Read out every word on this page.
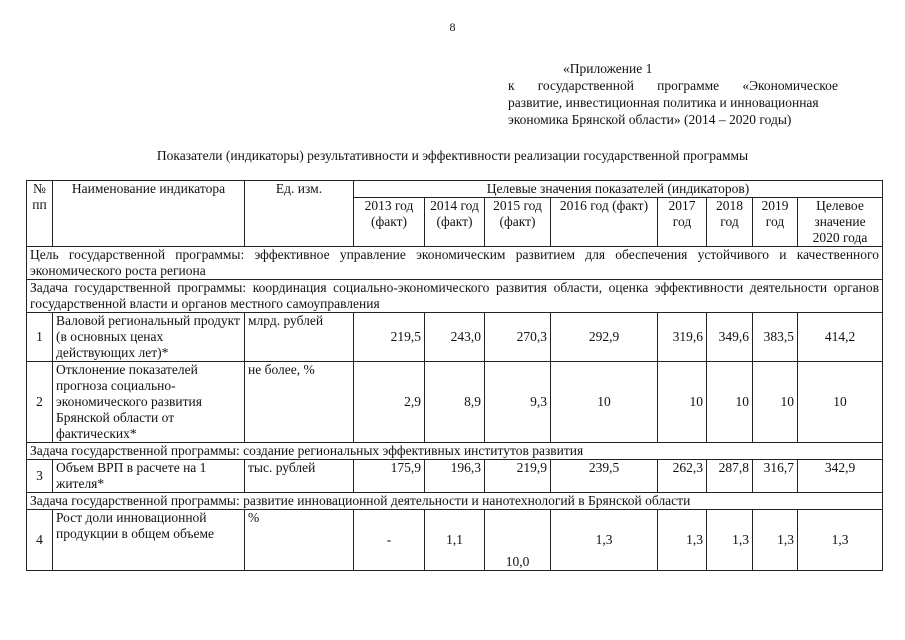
8
«Приложение 1
к государственной программе «Экономическое
развитие, инвестиционная политика и инновационная
экономика Брянской области» (2014 – 2020 годы)
Показатели (индикаторы) результативности и эффективности реализации государственной программы
№ пп	Наименование индикатора	Ед. изм.	Целевые значения показателей (индикаторов)							
			2013 год (факт)	2014 год (факт)	2015 год (факт)	2016 год (факт)	2017 год	2018 год	2019 год	Целевое значение 2020 года
Цель государственной программы: эффективное управление экономическим развитием для обеспечения устойчивого и качественного экономического роста региона										
Задача государственной программы: координация социально-экономического развития области, оценка эффективности деятельности органов государственной власти и органов местного самоуправления										
1	Валовой региональный продукт (в основных ценах действующих лет)*	млрд. рублей	219,5	243,0	270,3	292,9	319,6	349,6	383,5	414,2
2	Отклонение показателей прогноза социально-экономического развития Брянской области от фактических*	не более, %	2,9	8,9	9,3	10	10	10	10	10
Задача государственной программы: создание региональных эффективных институтов развития										
3	Объем ВРП в расчете на 1 жителя*	тыс. рублей	175,9	196,3	219,9	239,5	262,3	287,8	316,7	342,9
Задача государственной программы: развитие инновационной деятельности и нанотехнологий в Брянской области										
4	Рост доли инновационной продукции в общем объеме	%	-	1,1	10,0	1,3	1,3	1,3	1,3	1,3
